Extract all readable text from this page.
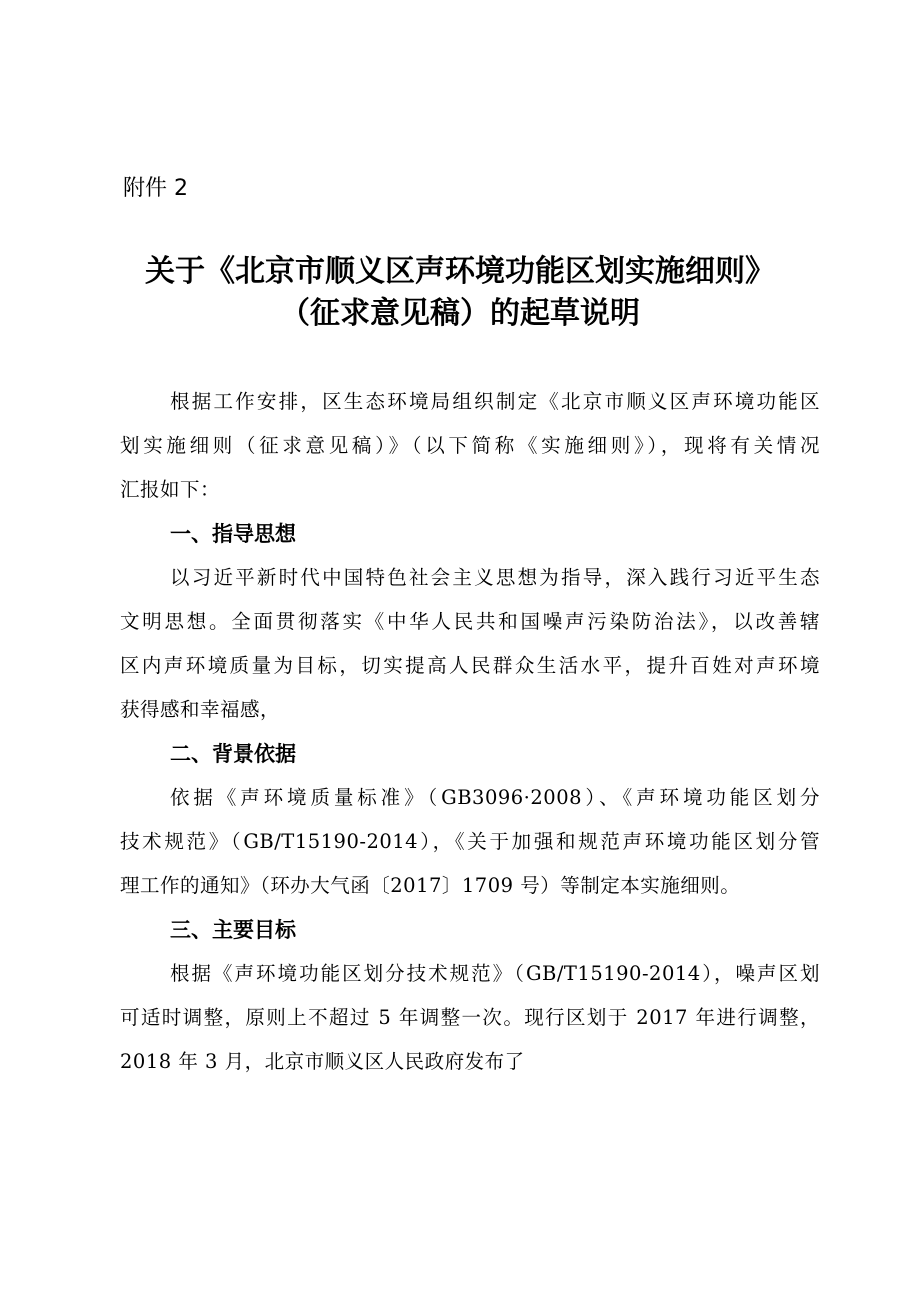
附件 2
关于《北京市顺义区声环境功能区划实施细则》
（征求意见稿）的起草说明
根据工作安排，区生态环境局组织制定《北京市顺义区声环境功能区
划实施细则（征求意见稿）》（以下简称《实施细则》），现将有关情况
汇报如下：
一、指导思想
以习近平新时代中国特色社会主义思想为指导，深入践行习近平生态
文明思想。全面贯彻落实《中华人民共和国噪声污染防治法》，以改善辖
区内声环境质量为目标，切实提高人民群众生活水平，提升百姓对声环境
获得感和幸福感，
二、背景依据
依据《声环境质量标准》（GB3096·2008）、《声环境功能区划分
技术规范》（GB/T15190-2014），《关于加强和规范声环境功能区划分管
理工作的通知》（环办大气函〔2017〕1709 号）等制定本实施细则。
三、主要目标
根据《声环境功能区划分技术规范》（GB/T15190-2014），噪声区划
可适时调整，原则上不超过 5 年调整一次。现行区划于 2017 年进行调整，
2018 年 3 月，北京市顺义区人民政府发布了
